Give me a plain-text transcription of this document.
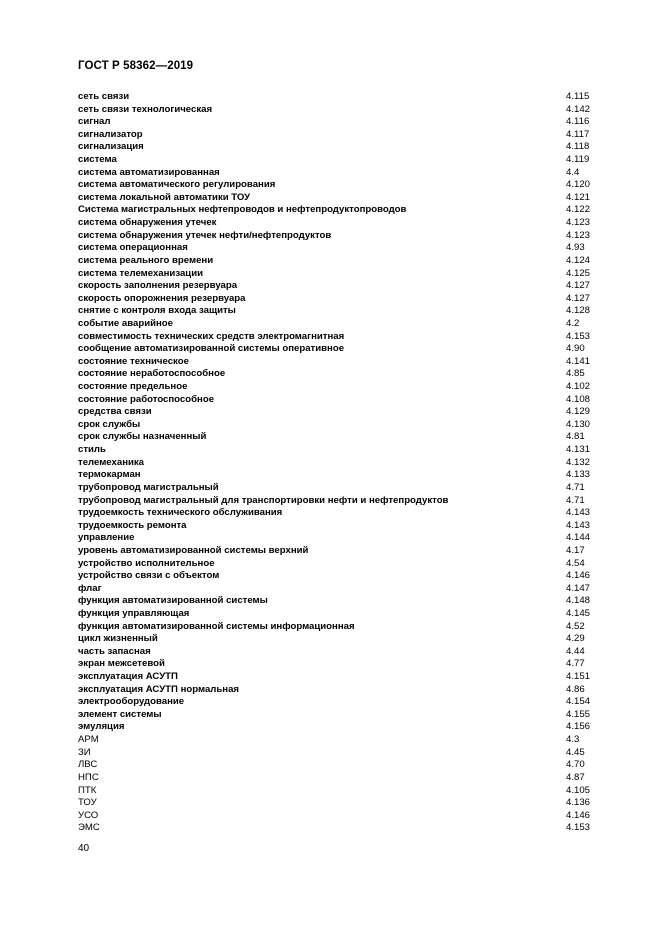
ГОСТ Р 58362—2019
сеть связи	4.115
сеть связи технологическая	4.142
сигнал	4.116
сигнализатор	4.117
сигнализация	4.118
система	4.119
система автоматизированная	4.4
система автоматического регулирования	4.120
система локальной автоматики ТОУ	4.121
Система магистральных нефтепроводов и нефтепродуктопроводов	4.122
система обнаружения утечек	4.123
система обнаружения утечек нефти/нефтепродуктов	4.123
система операционная	4.93
система реального времени	4.124
система телемеханизации	4.125
скорость заполнения резервуара	4.127
скорость опорожнения резервуара	4.127
снятие с контроля входа защиты	4.128
событие аварийное	4.2
совместимость технических средств электромагнитная	4.153
сообщение автоматизированной системы оперативное	4.90
состояние техническое	4.141
состояние неработоспособное	4.85
состояние предельное	4.102
состояние работоспособное	4.108
средства связи	4.129
срок службы	4.130
срок службы назначенный	4.81
стиль	4.131
телемеханика	4.132
термокарман	4.133
трубопровод магистральный	4.71
трубопровод магистральный для транспортировки нефти и нефтепродуктов	4.71
трудоемкость технического обслуживания	4.143
трудоемкость ремонта	4.143
управление	4.144
уровень автоматизированной системы верхний	4.17
устройство исполнительное	4.54
устройство связи с объектом	4.146
флаг	4.147
функция автоматизированной системы	4.148
функция управляющая	4.145
функция автоматизированной системы информационная	4.52
цикл жизненный	4.29
часть запасная	4.44
экран межсетевой	4.77
эксплуатация АСУТП	4.151
эксплуатация АСУТП нормальная	4.86
электрооборудование	4.154
элемент системы	4.155
эмуляция	4.156
АРМ	4.3
ЗИ	4.45
ЛВС	4.70
НПС	4.87
ПТК	4.105
ТОУ	4.136
УСО	4.146
ЭМС	4.153
40
